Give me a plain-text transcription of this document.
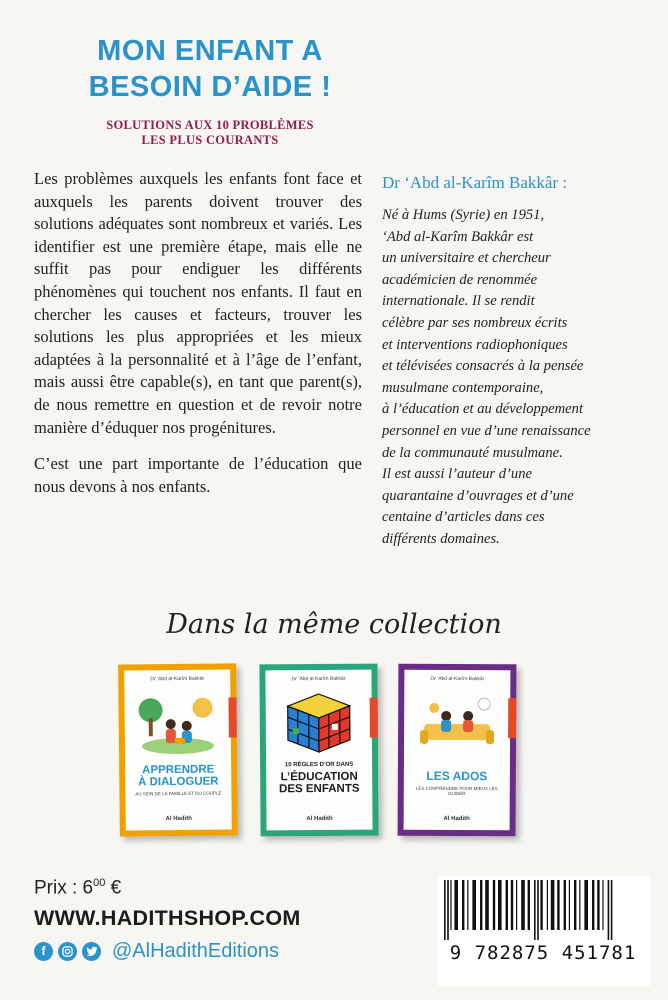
MON ENFANT A
BESOIN D’AIDE !
SOLUTIONS AUX 10 PROBLÈMES
LES PLUS COURANTS

Les problèmes auxquels les enfants font face et auxquels les parents doivent trouver des solutions adéquates sont nombreux et variés. Les identifier est une première étape, mais elle ne suffit pas pour endiguer les différents phénomènes qui touchent nos enfants. Il faut en chercher les causes et facteurs, trouver les solutions les plus appropriées et les mieux adaptées à la personnalité et à l’âge de l’enfant, mais aussi être capable(s), en tant que parent(s), de nous remettre en question et de revoir notre manière d’éduquer nos progénitures.

C’est une part importante de l’éducation que nous devons à nos enfants.

Dr ‘Abd al-Karîm Bakkâr :
Né à Hums (Syrie) en 1951,
‘Abd al-Karîm Bakkâr est
un universitaire et chercheur
académicien de renommée
internationale. Il se rendit
célèbre par ses nombreux écrits
et interventions radiophoniques
et télévisées consacrés à la pensée
musulmane contemporaine,
à l’éducation et au développement
personnel en vue d’une renaissance
de la communauté musulmane.
Il est aussi l’auteur d’une
quarantaine d’ouvrages et d’une
centaine d’articles dans ces
différents domaines.
Dans la même collection
Dr ‘Abd al-Karîm Bakkâr
APPRENDRE
À DIALOGUER
AU SEIN DE LA FAMILLE ET DU COUPLE
Al Hadith
Dr ‘Abd al-Karîm Bakkâr
10 RÈGLES D’OR DANS
L’ÉDUCATION
DES ENFANTS
Al Hadith
Dr ‘Abd al-Karîm Bakkâr
LES ADOS
LES COMPRENDRE POUR MIEUX LES GUIDER
Al Hadith
Prix : $6^{00}$ €
WWW.HADITHSHOP.COM
f	@AlHadithEditions	9 782875 451781
